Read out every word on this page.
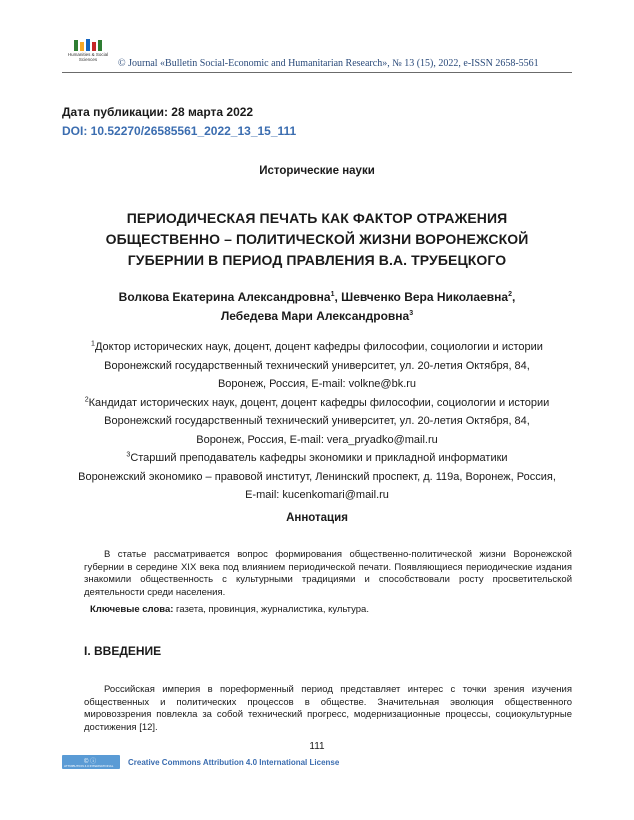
Humanities & Social
Sciences	© Journal «Bulletin Social-Economic and Humanitarian Research», № 13 (15), 2022, e-ISSN 2658-5561
Дата публикации: 28 марта 2022
DOI: 10.52270/26585561_2022_13_15_111
Исторические науки
ПЕРИОДИЧЕСКАЯ ПЕЧАТЬ КАК ФАКТОР ОТРАЖЕНИЯ
ОБЩЕСТВЕННО – ПОЛИТИЧЕСКОЙ ЖИЗНИ ВОРОНЕЖСКОЙ
ГУБЕРНИИ В ПЕРИОД ПРАВЛЕНИЯ В.А. ТРУБЕЦКОГО
Волкова Екатерина Александровна$^1$, Шевченко Вера Николаевна$^2$,
Лебедева Мари Александровна$^3$
$^1$Доктор исторических наук, доцент, доцент кафедры философии, социологии и истории
Воронежский государственный технический университет, ул. 20-летия Октября, 84,
Воронеж, Россия, E-mail: volkne@bk.ru
$^2$Кандидат исторических наук, доцент, доцент кафедры философии, социологии и истории
Воронежский государственный технический университет, ул. 20-летия Октября, 84,
Воронеж, Россия, E-mail: vera_pryadko@mail.ru
$^3$Старший преподаватель кафедры экономики и прикладной информатики
Воронежский экономико – правовой институт, Ленинский проспект, д. 119а, Воронеж, Россия,
E-mail: kucenkomari@mail.ru
Аннотация

В статье рассматривается вопрос формирования общественно-политической жизни Воронежской губернии в середине XIX века под влиянием периодической печати. Появляющиеся периодические издания знакомили общественность с культурными традициями и способствовали росту просветительской деятельности среди населения.

Ключевые слова: газета, провинция, журналистика, культура.
I. ВВЕДЕНИЕ

Российская империя в пореформенный период представляет интерес с точки зрения изучения общественных и политических процессов в обществе. Значительная эволюция общественного мировоззрения повлекла за собой технический прогресс, модернизационные процессы, социокультурные достижения [12].

111
© ⓘ
ATTRIBUTION 4.0 INTERNATIONAL Creative Commons Attribution 4.0 International License
